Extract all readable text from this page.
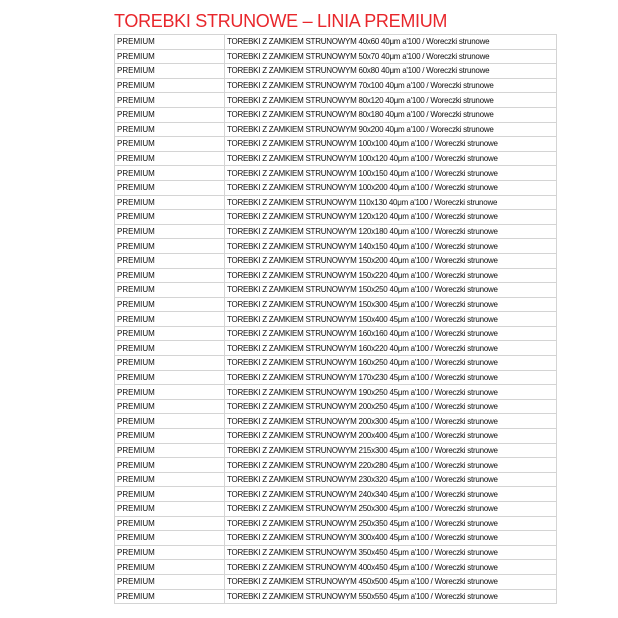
TOREBKI STRUNOWE – LINIA PREMIUM
PREMIUM	TOREBKI Z ZAMKIEM STRUNOWYM 40x60 40μm a'100 / Woreczki strunowe
PREMIUM	TOREBKI Z ZAMKIEM STRUNOWYM 50x70 40μm a'100 / Woreczki strunowe
PREMIUM	TOREBKI Z ZAMKIEM STRUNOWYM 60x80 40μm a'100 / Woreczki strunowe
PREMIUM	TOREBKI Z ZAMKIEM STRUNOWYM 70x100 40μm a'100 / Woreczki strunowe
PREMIUM	TOREBKI Z ZAMKIEM STRUNOWYM 80x120 40μm a'100 / Woreczki strunowe
PREMIUM	TOREBKI Z ZAMKIEM STRUNOWYM 80x180 40μm a'100 / Woreczki strunowe
PREMIUM	TOREBKI Z ZAMKIEM STRUNOWYM 90x200 40μm a'100 / Woreczki strunowe
PREMIUM	TOREBKI Z ZAMKIEM STRUNOWYM 100x100 40μm a'100 / Woreczki strunowe
PREMIUM	TOREBKI Z ZAMKIEM STRUNOWYM 100x120 40μm a'100 / Woreczki strunowe
PREMIUM	TOREBKI Z ZAMKIEM STRUNOWYM 100x150 40μm a'100 / Woreczki strunowe
PREMIUM	TOREBKI Z ZAMKIEM STRUNOWYM 100x200 40μm a'100 / Woreczki strunowe
PREMIUM	TOREBKI Z ZAMKIEM STRUNOWYM 110x130 40μm a'100 / Woreczki strunowe
PREMIUM	TOREBKI Z ZAMKIEM STRUNOWYM 120x120 40μm a'100 / Woreczki strunowe
PREMIUM	TOREBKI Z ZAMKIEM STRUNOWYM 120x180 40μm a'100 / Woreczki strunowe
PREMIUM	TOREBKI Z ZAMKIEM STRUNOWYM 140x150 40μm a'100 / Woreczki strunowe
PREMIUM	TOREBKI Z ZAMKIEM STRUNOWYM 150x200 40μm a'100 / Woreczki strunowe
PREMIUM	TOREBKI Z ZAMKIEM STRUNOWYM 150x220 40μm a'100 / Woreczki strunowe
PREMIUM	TOREBKI Z ZAMKIEM STRUNOWYM 150x250 40μm a'100 / Woreczki strunowe
PREMIUM	TOREBKI Z ZAMKIEM STRUNOWYM 150x300 45μm a'100 / Woreczki strunowe
PREMIUM	TOREBKI Z ZAMKIEM STRUNOWYM 150x400 45μm a'100 / Woreczki strunowe
PREMIUM	TOREBKI Z ZAMKIEM STRUNOWYM 160x160 40μm a'100 / Woreczki strunowe
PREMIUM	TOREBKI Z ZAMKIEM STRUNOWYM 160x220 40μm a'100 / Woreczki strunowe
PREMIUM	TOREBKI Z ZAMKIEM STRUNOWYM 160x250 40μm a'100 / Woreczki strunowe
PREMIUM	TOREBKI Z ZAMKIEM STRUNOWYM 170x230 45μm a'100 / Woreczki strunowe
PREMIUM	TOREBKI Z ZAMKIEM STRUNOWYM 190x250 45μm a'100 / Woreczki strunowe
PREMIUM	TOREBKI Z ZAMKIEM STRUNOWYM 200x250 45μm a'100 / Woreczki strunowe
PREMIUM	TOREBKI Z ZAMKIEM STRUNOWYM 200x300 45μm a'100 / Woreczki strunowe
PREMIUM	TOREBKI Z ZAMKIEM STRUNOWYM 200x400 45μm a'100 / Woreczki strunowe
PREMIUM	TOREBKI Z ZAMKIEM STRUNOWYM 215x300 45μm a'100 / Woreczki strunowe
PREMIUM	TOREBKI Z ZAMKIEM STRUNOWYM 220x280 45μm a'100 / Woreczki strunowe
PREMIUM	TOREBKI Z ZAMKIEM STRUNOWYM 230x320 45μm a'100 / Woreczki strunowe
PREMIUM	TOREBKI Z ZAMKIEM STRUNOWYM 240x340 45μm a'100 / Woreczki strunowe
PREMIUM	TOREBKI Z ZAMKIEM STRUNOWYM 250x300 45μm a'100 / Woreczki strunowe
PREMIUM	TOREBKI Z ZAMKIEM STRUNOWYM 250x350 45μm a'100 / Woreczki strunowe
PREMIUM	TOREBKI Z ZAMKIEM STRUNOWYM 300x400 45μm a'100 / Woreczki strunowe
PREMIUM	TOREBKI Z ZAMKIEM STRUNOWYM 350x450 45μm a'100 / Woreczki strunowe
PREMIUM	TOREBKI Z ZAMKIEM STRUNOWYM 400x450 45μm a'100 / Woreczki strunowe
PREMIUM	TOREBKI Z ZAMKIEM STRUNOWYM 450x500 45μm a'100 / Woreczki strunowe
PREMIUM	TOREBKI Z ZAMKIEM STRUNOWYM 550x550 45μm a'100 / Woreczki strunowe
